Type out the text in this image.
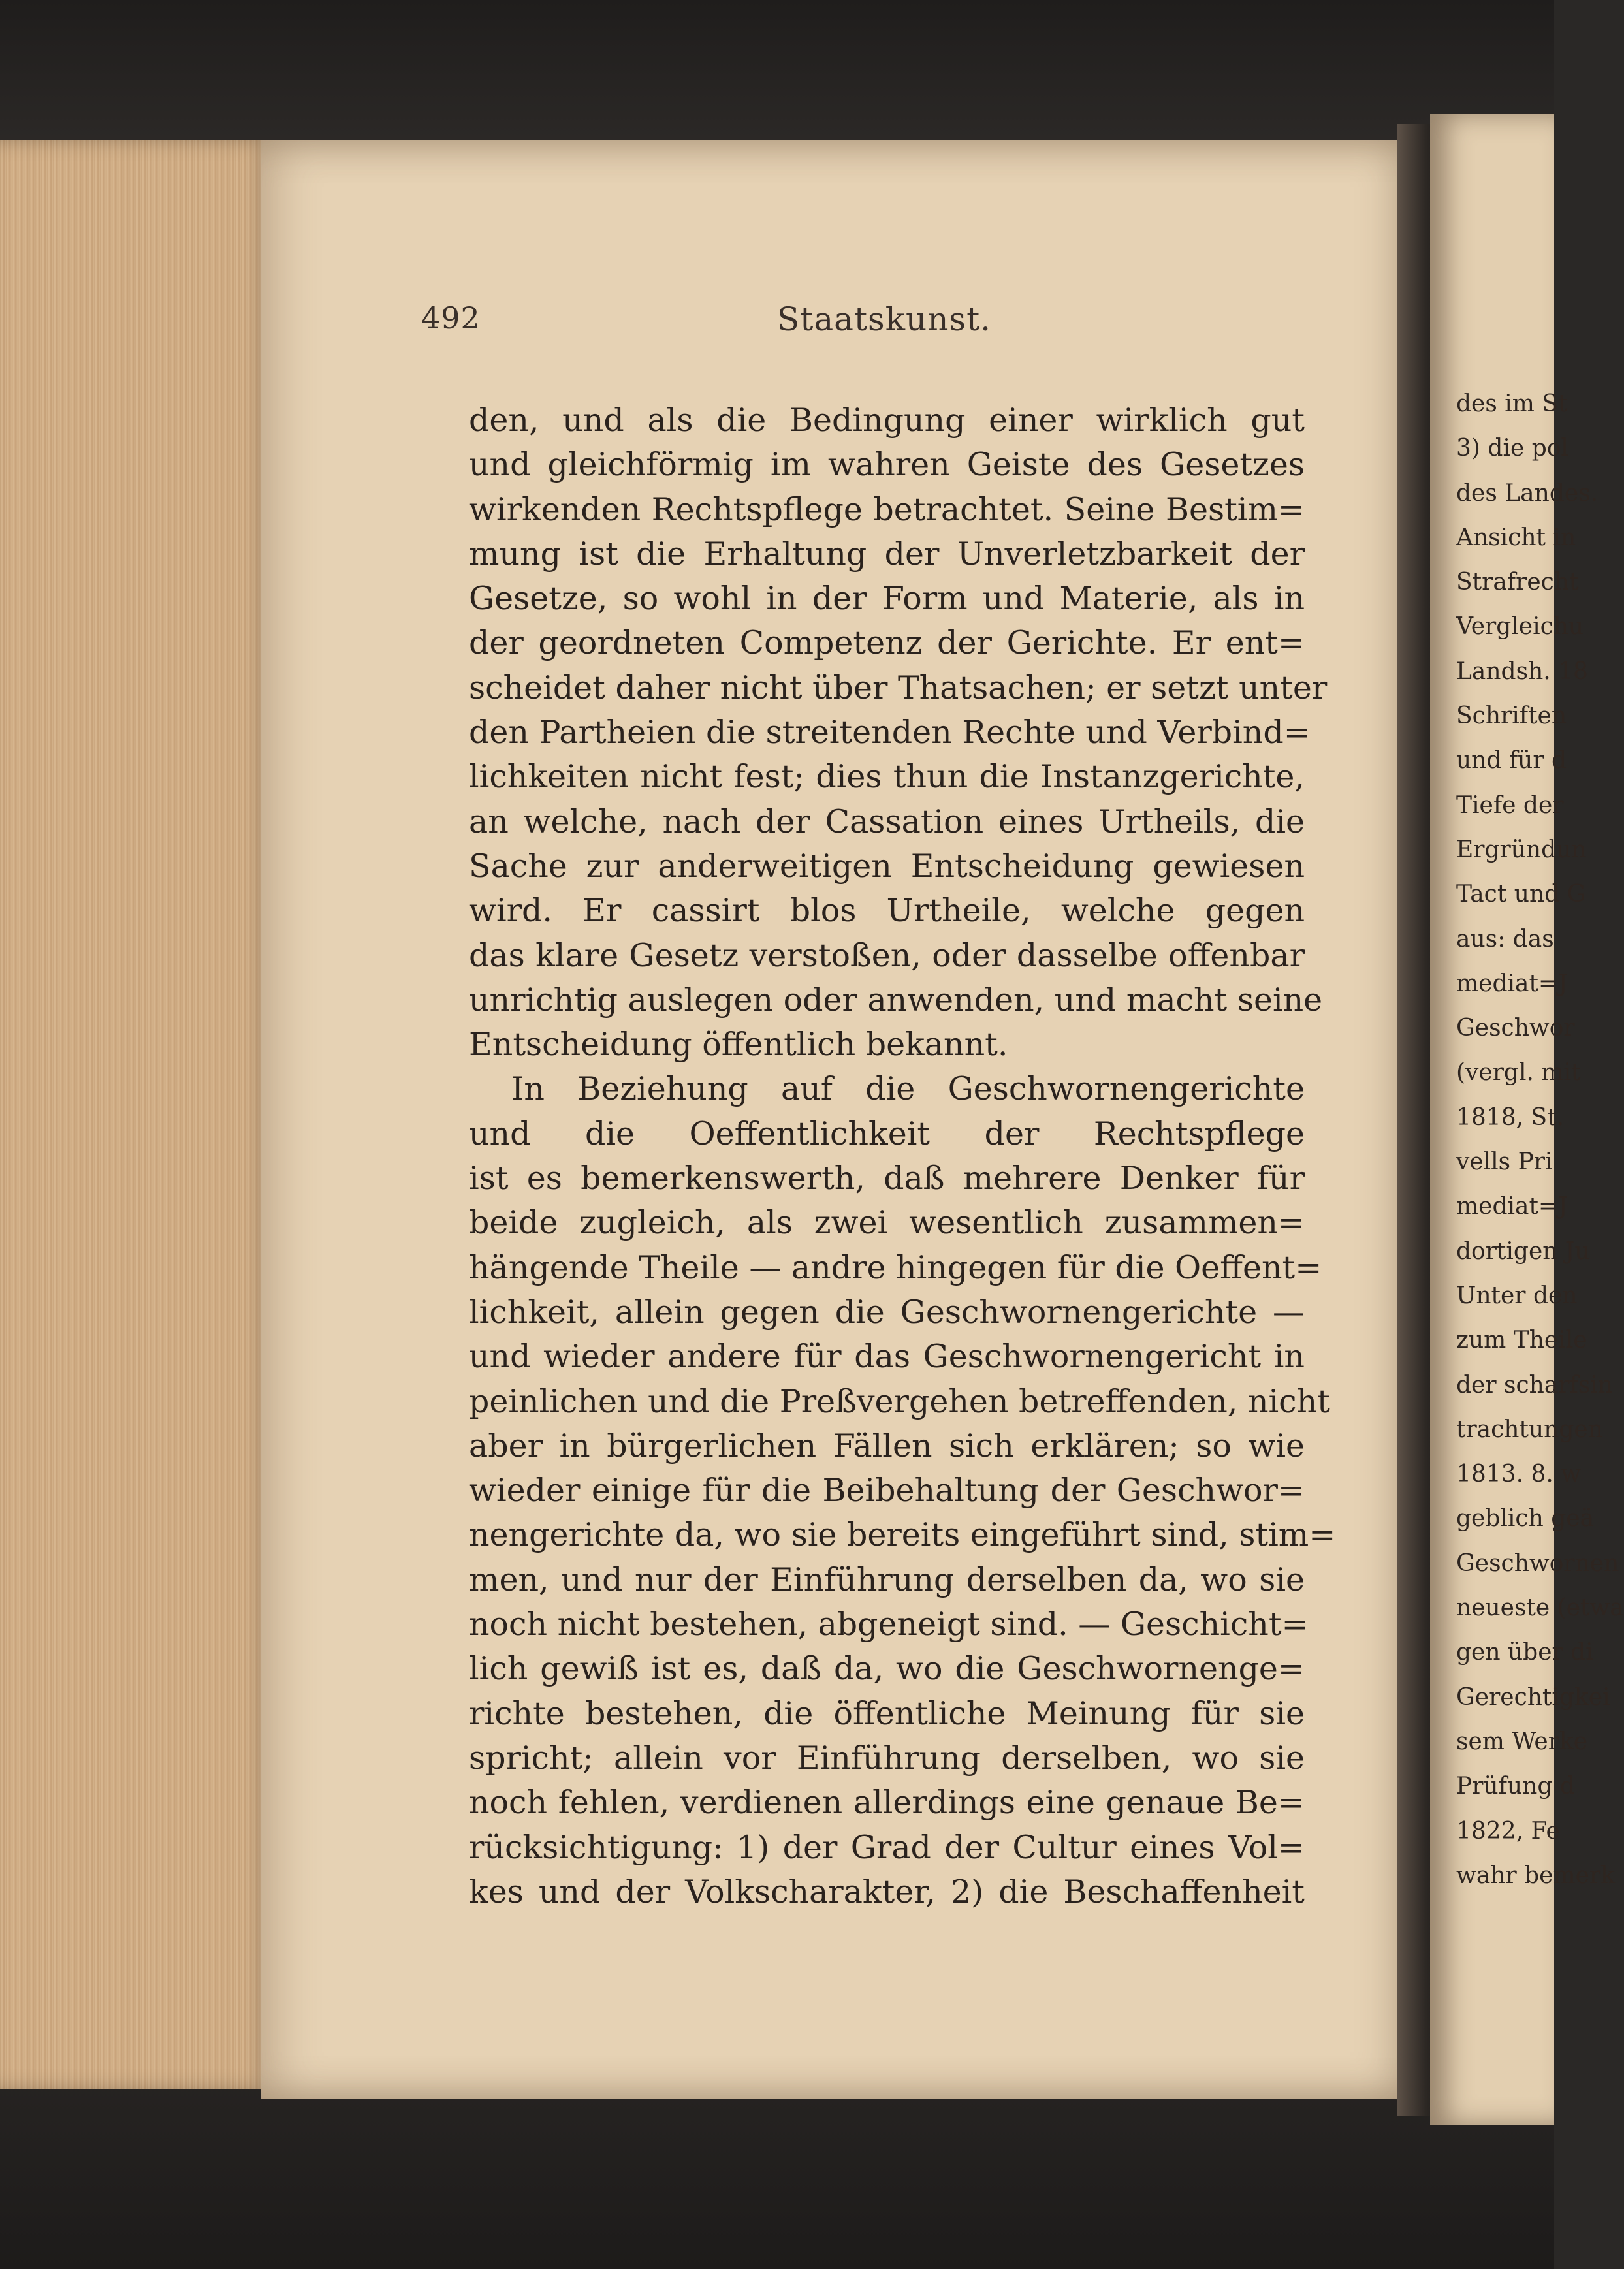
492	Staatskunst.
den, und als die Bedingung einer wirklich gut
und gleichförmig im wahren Geiste des Gesetzes
wirkenden Rechtspflege betrachtet. Seine Bestim=
mung ist die Erhaltung der Unverletzbarkeit der
Gesetze, so wohl in der Form und Materie, als in
der geordneten Competenz der Gerichte. Er ent=
scheidet daher nicht über Thatsachen; er setzt unter
den Partheien die streitenden Rechte und Verbind=
lichkeiten nicht fest; dies thun die Instanzgerichte,
an welche, nach der Cassation eines Urtheils, die
Sache zur anderweitigen Entscheidung gewiesen
wird. Er cassirt blos Urtheile, welche gegen
das klare Gesetz verstoßen, oder dasselbe offenbar
unrichtig auslegen oder anwenden, und macht seine
Entscheidung öffentlich bekannt.
In Beziehung auf die Geschwornengerichte
und die Oeffentlichkeit der Rechtspflege
ist es bemerkenswerth, daß mehrere Denker für
beide zugleich, als zwei wesentlich zusammen=
hängende Theile — andre hingegen für die Oeffent=
lichkeit, allein gegen die Geschwornengerichte —
und wieder andere für das Geschwornengericht in
peinlichen und die Preßvergehen betreffenden, nicht
aber in bürgerlichen Fällen sich erklären; so wie
wieder einige für die Beibehaltung der Geschwor=
nengerichte da, wo sie bereits eingeführt sind, stim=
men, und nur der Einführung derselben da, wo sie
noch nicht bestehen, abgeneigt sind. — Geschicht=
lich gewiß ist es, daß da, wo die Geschwornenge=
richte bestehen, die öffentliche Meinung für sie
spricht; allein vor Einführung derselben, wo sie
noch fehlen, verdienen allerdings eine genaue Be=
rücksichtigung: 1) der Grad der Cultur eines Vol=
kes und der Volkscharakter, 2) die Beschaffenheit
des im St
3) die pol
des Landes.
Ansicht in
Strafrecht
Vergleichu
Landsh. 18
Schriften
und für d
Tiefe der
Ergründun
Tact und G
aus: das
mediat=J
Geschwor
(vergl. mit
1818, St.
vells Pri
mediat=J
dortigen Ju
Unter den
zum Theile
der scharfsin
trachtungen
1813. 8. w
geblich geä
Geschwornen
neueste (etwa
gen über di
Gerechtigkei
sem Werke
Prüfung d
1822, Fe
wahr bemerk
